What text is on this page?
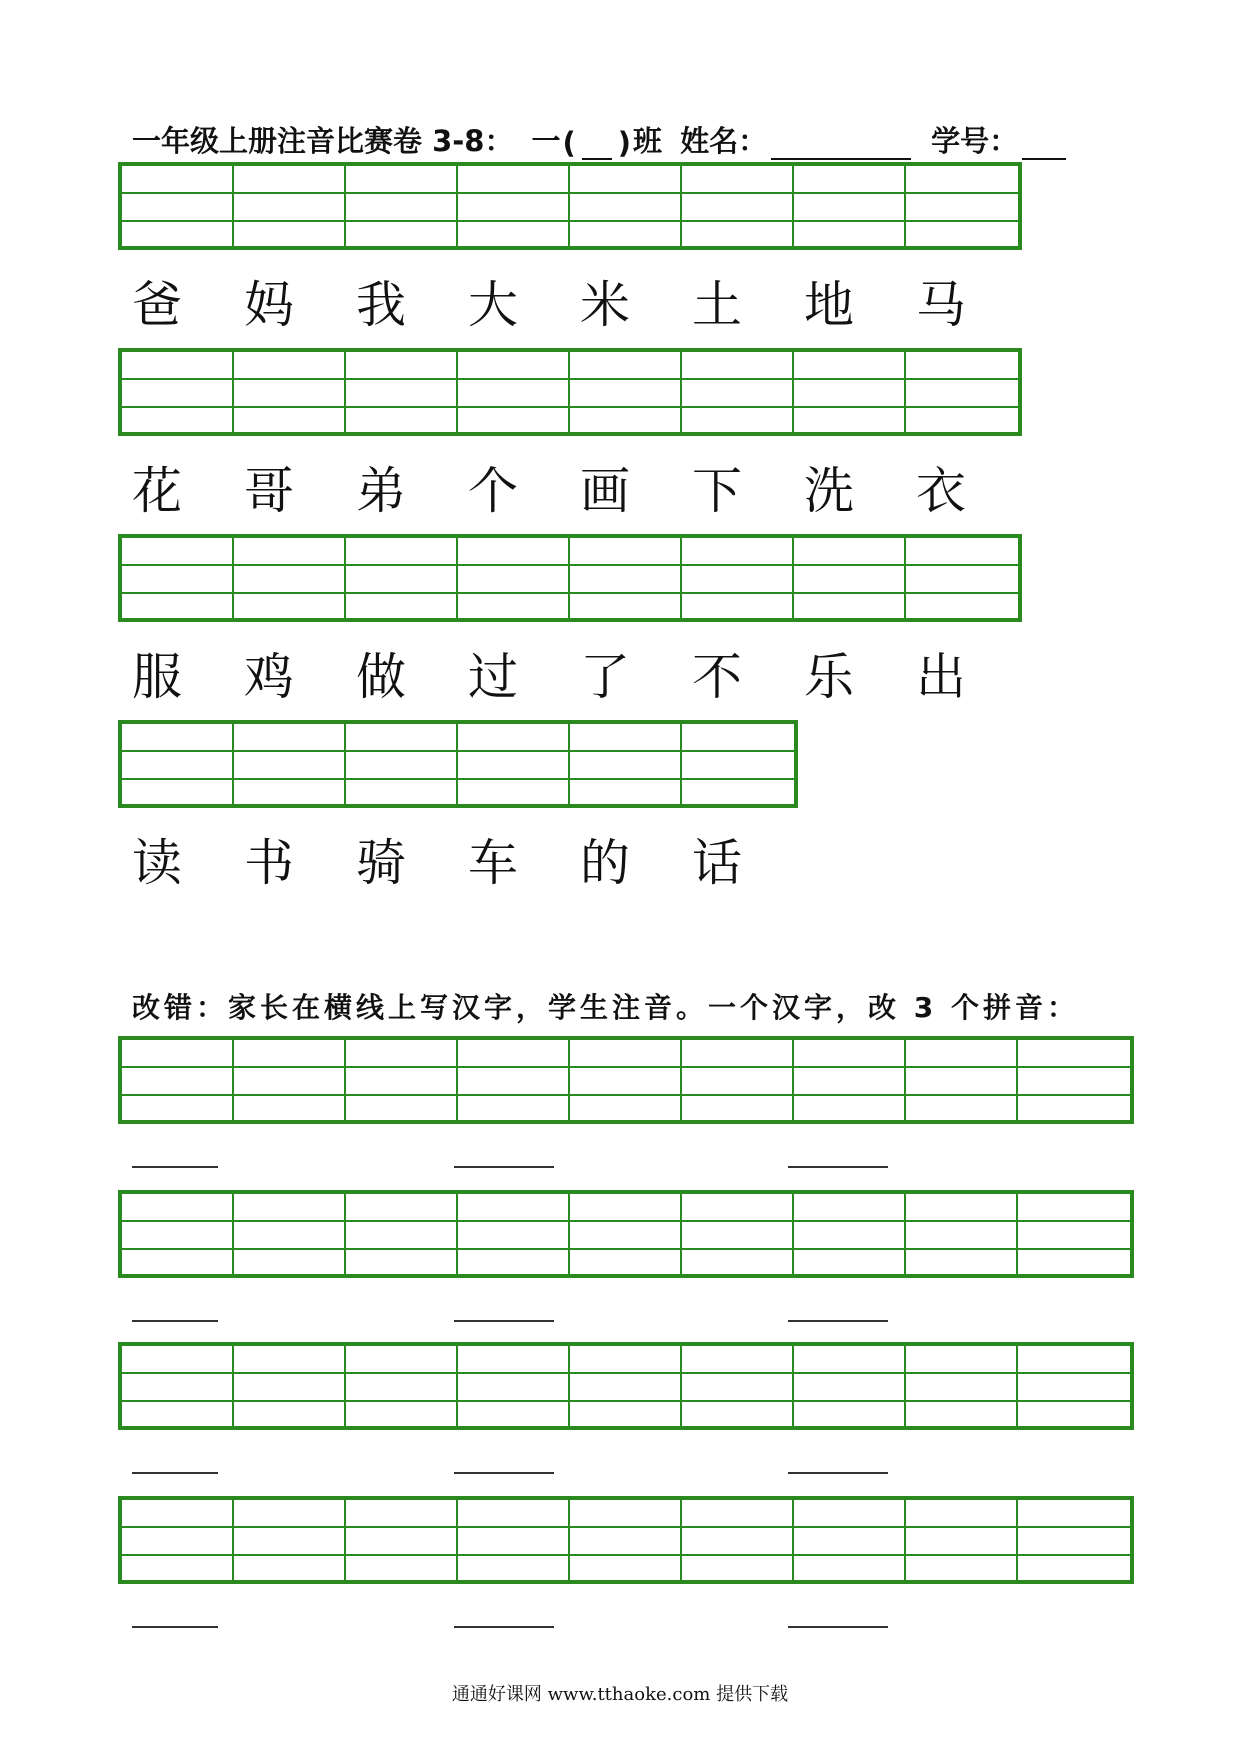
一年级上册注音比赛卷 3-8： 一 ( ) 班 姓名：	学号：
爸	妈	我	大	米	土	地	马
花	哥	弟	个	画	下	洗	衣
服	鸡	做	过	了	不	乐	出
读	书	骑	车	的	话
改错：家长在横线上写汉字，学生注音。一个汉字，改 3 个拼音：
通通好课网 www.tthaoke.com 提供下载
